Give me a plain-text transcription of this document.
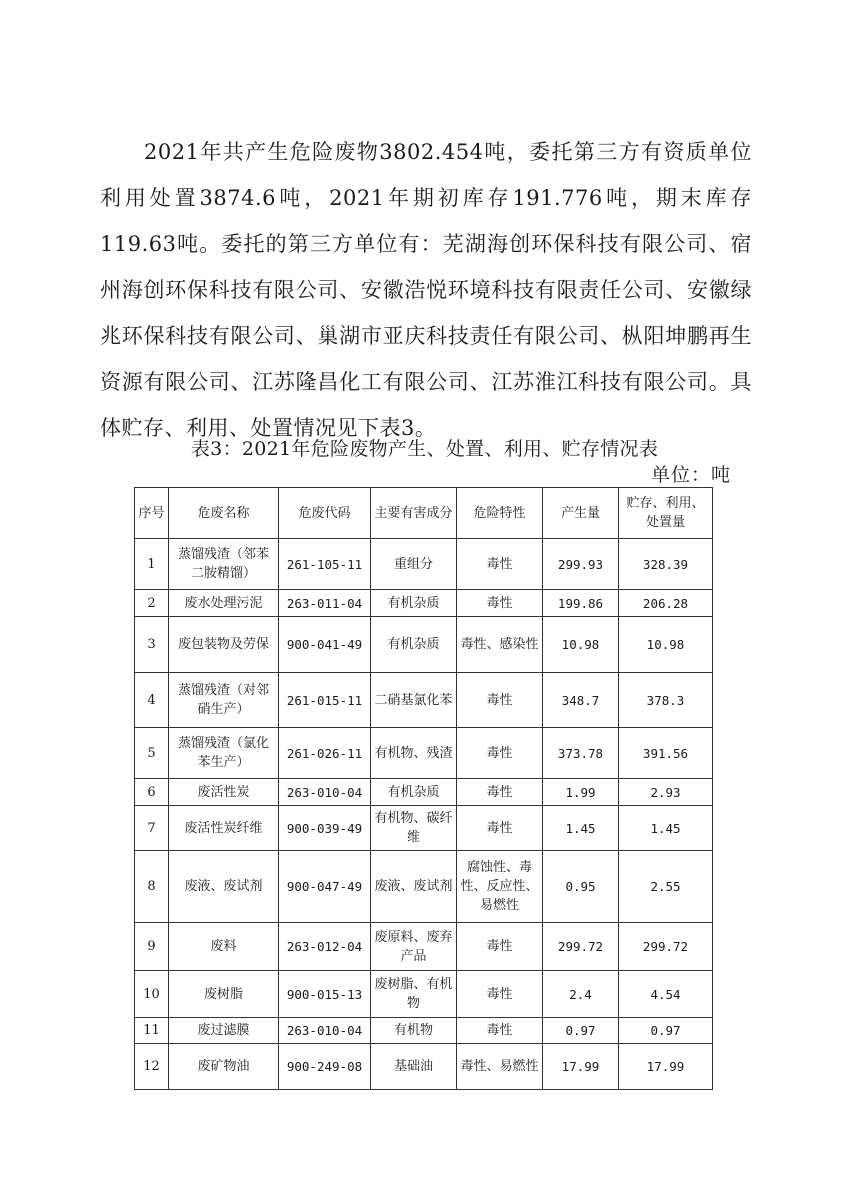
2021年共产生危险废物3802.454吨，委托第三方有资质单位利用处置3874.6吨，2021年期初库存191.776吨，期末库存119.63吨。委托的第三方单位有：芜湖海创环保科技有限公司、宿州海创环保科技有限公司、安徽浩悦环境科技有限责任公司、安徽绿兆环保科技有限公司、巢湖市亚庆科技责任有限公司、枞阳坤鹏再生资源有限公司、江苏隆昌化工有限公司、江苏淮江科技有限公司。具体贮存、利用、处置情况见下表3。

表3：2021年危险废物产生、处置、利用、贮存情况表
单位：吨
序号	危废名称	危废代码	主要有害成分	危险特性	产生量	贮存、利用、处置量
1	蒸馏残渣（邻苯二胺精馏）	261-105-11	重组分	毒性	299.93	328.39
2	废水处理污泥	263-011-04	有机杂质	毒性	199.86	206.28
3	废包装物及劳保	900-041-49	有机杂质	毒性、感染性	10.98	10.98
4	蒸馏残渣（对邻硝生产）	261-015-11	二硝基氯化苯	毒性	348.7	378.3
5	蒸馏残渣（氯化苯生产）	261-026-11	有机物、残渣	毒性	373.78	391.56
6	废活性炭	263-010-04	有机杂质	毒性	1.99	2.93
7	废活性炭纤维	900-039-49	有机物、碳纤维	毒性	1.45	1.45
8	废液、废试剂	900-047-49	废液、废试剂	腐蚀性、毒性、反应性、易燃性	0.95	2.55
9	废料	263-012-04	废原料、废弃产品	毒性	299.72	299.72
10	废树脂	900-015-13	废树脂、有机物	毒性	2.4	4.54
11	废过滤膜	263-010-04	有机物	毒性	0.97	0.97
12	废矿物油	900-249-08	基础油	毒性、易燃性	17.99	17.99
